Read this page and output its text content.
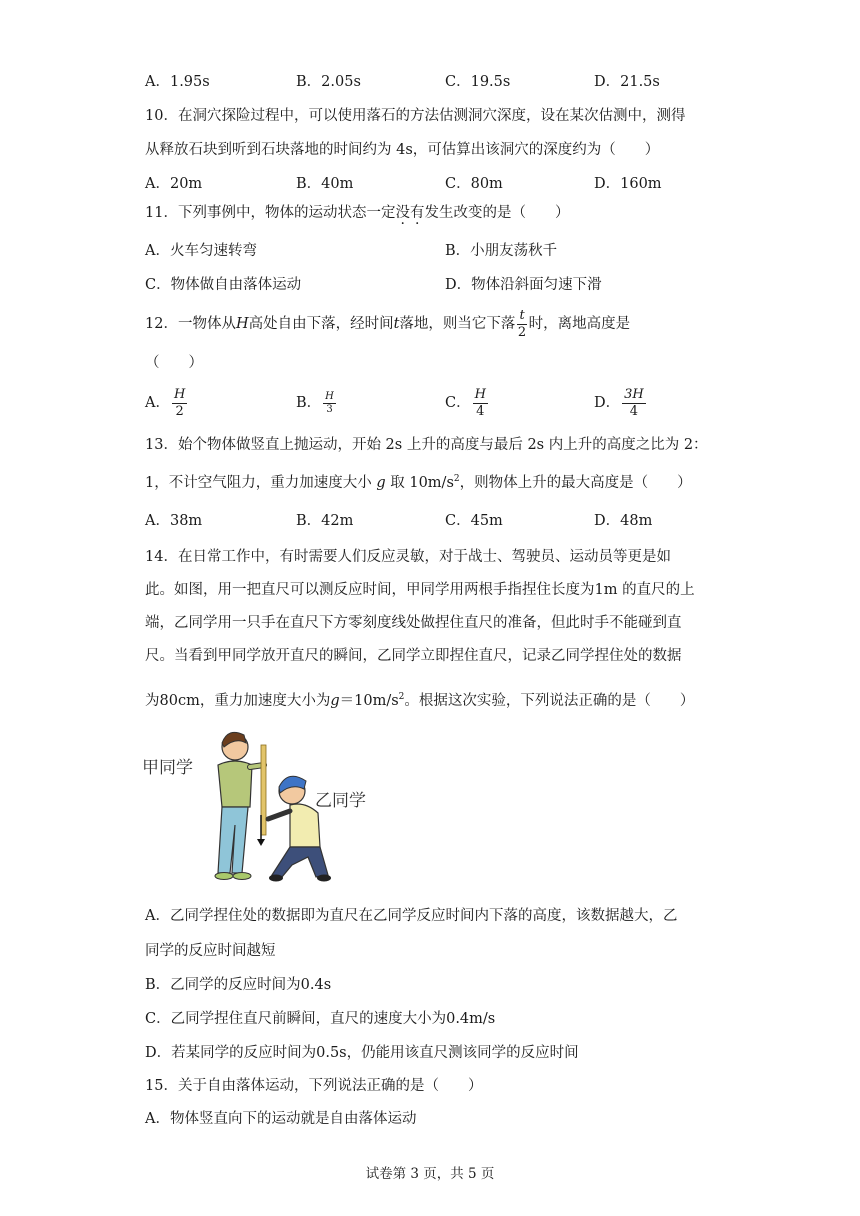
A．1.95s	B．2.05s	C．19.5s	D．21.5s
10．在洞穴探险过程中，可以使用落石的方法估测洞穴深度，设在某次估测中，测得
从释放石块到听到石块落地的时间约为 4s，可估算出该洞穴的深度约为（　　）
A．20m	B．40m	C．80m	D．160m
11．下列事例中，物体的运动状态一定没有发生改变的是（　　）
A．火车匀速转弯	B．小朋友荡秋千
C．物体做自由落体运动	D．物体沿斜面匀速下滑
12．一物体从H高处自由下落，经时间t落地，则当它下落 $\frac{t}{2}$ 时，离地高度是
（　　）
A． $\frac{H}{2}$	B． $\frac{H}{3}$	C． $\frac{H}{4}$	D． $\frac{3H}{4}$
13．始个物体做竖直上抛运动，开始 2s 上升的高度与最后 2s 内上升的高度之比为 2：
1，不计空气阻力，重力加速度大小 g 取 $10m/s^2$，则物体上升的最大高度是（　　）
A．38m	B．42m	C．45m	D．48m
14．在日常工作中，有时需要人们反应灵敏，对于战士、驾驶员、运动员等更是如
此。如图，用一把直尺可以测反应时间，甲同学用两根手指捏住长度为1m 的直尺的上
端，乙同学用一只手在直尺下方零刻度线处做捏住直尺的准备，但此时手不能碰到直
尺。当看到甲同学放开直尺的瞬间，乙同学立即捏住直尺，记录乙同学捏住处的数据
为80cm，重力加速度大小为$g=10m/s^2$。根据这次实验，下列说法正确的是（　　）
甲同学
乙同学
A．乙同学捏住处的数据即为直尺在乙同学反应时间内下落的高度，该数据越大，乙
同学的反应时间越短
B．乙同学的反应时间为0.4s
C．乙同学捏住直尺前瞬间，直尺的速度大小为0.4m/s
D．若某同学的反应时间为0.5s，仍能用该直尺测该同学的反应时间
15．关于自由落体运动，下列说法正确的是（　　）
A．物体竖直向下的运动就是自由落体运动
试卷第 3 页，共 5 页
